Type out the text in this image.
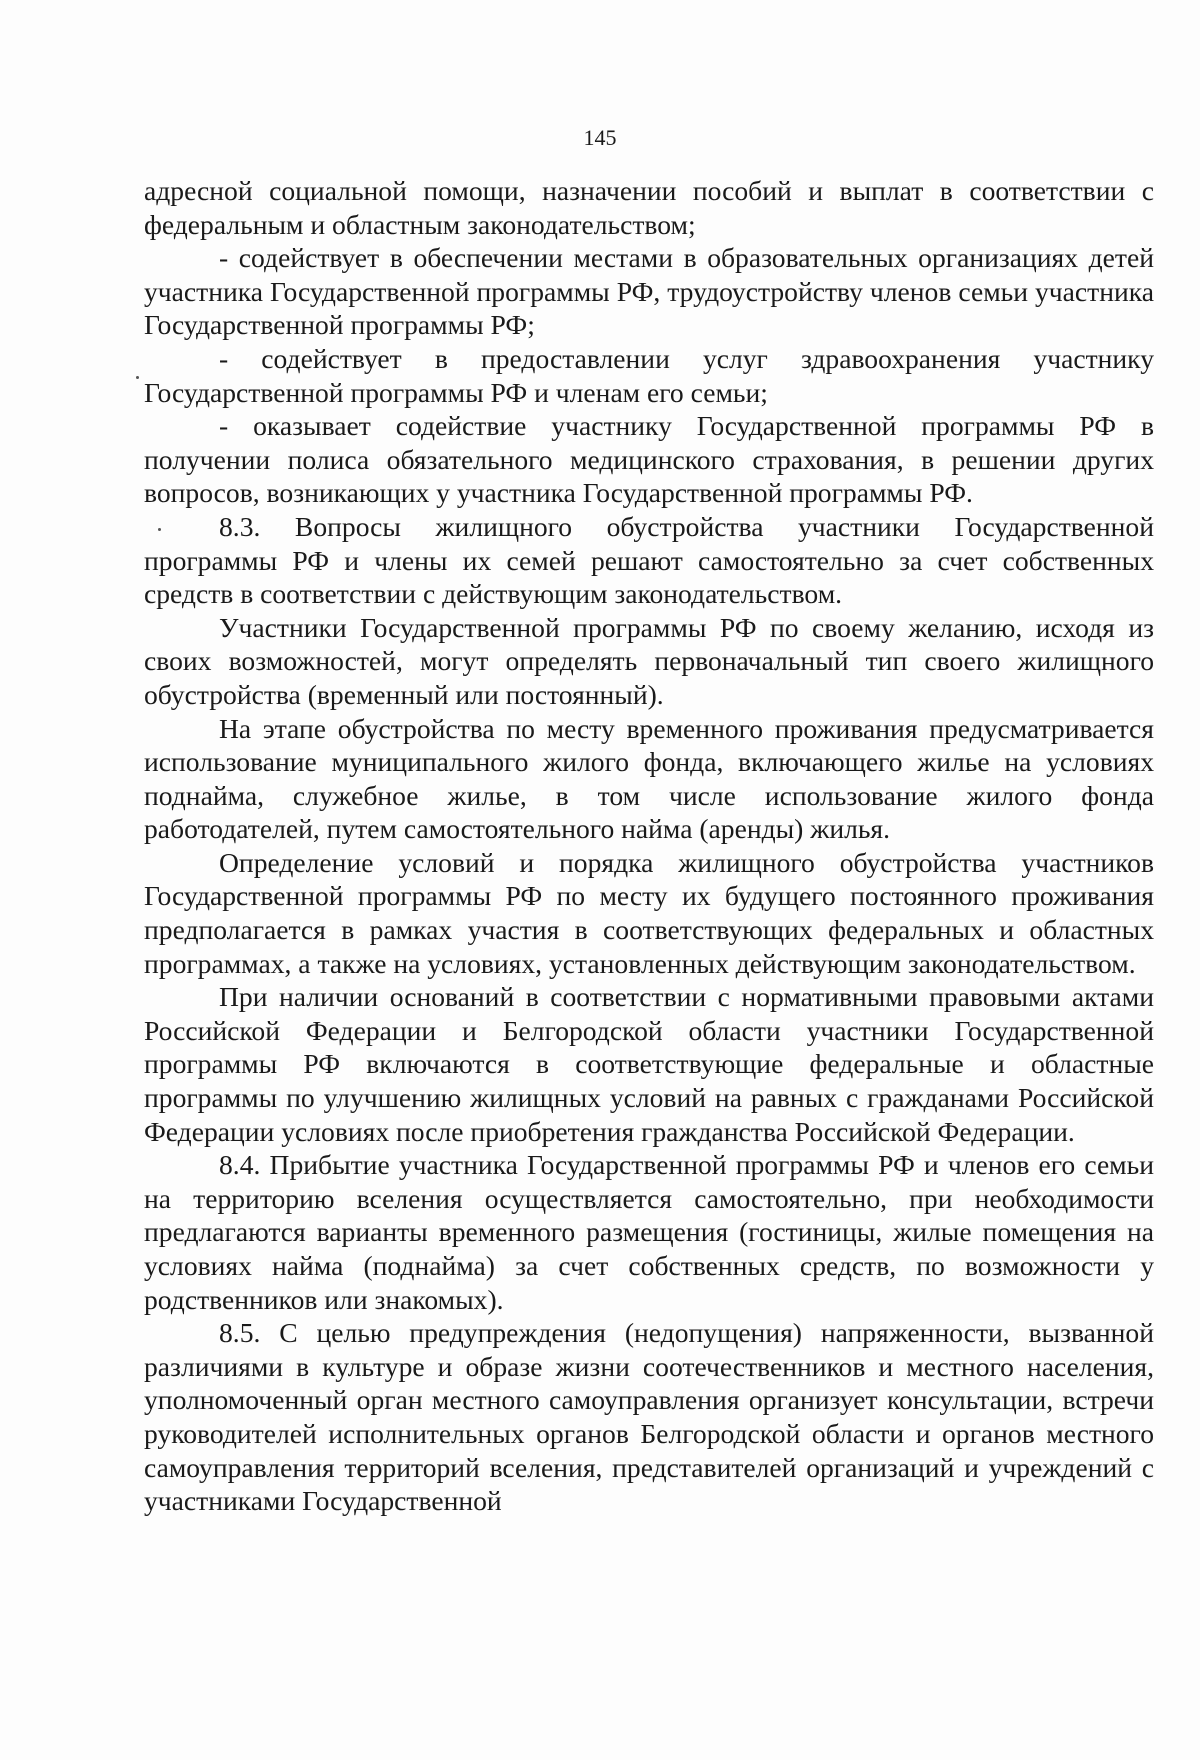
145

адресной социальной помощи, назначении пособий и выплат в соответствии с федеральным и областным законодательством;

- содействует в обеспечении местами в образовательных организациях детей участника Государственной программы РФ, трудоустройству членов семьи участника Государственной программы РФ;

- содействует в предоставлении услуг здравоохранения участнику Государственной программы РФ и членам его семьи;

- оказывает содействие участнику Государственной программы РФ в получении полиса обязательного медицинского страхования, в решении других вопросов, возникающих у участника Государственной программы РФ.

8.3. Вопросы жилищного обустройства участники Государственной программы РФ и члены их семей решают самостоятельно за счет собственных средств в соответствии с действующим законодательством.

Участники Государственной программы РФ по своему желанию, исходя из своих возможностей, могут определять первоначальный тип своего жилищного обустройства (временный или постоянный).

На этапе обустройства по месту временного проживания предусматривается использование муниципального жилого фонда, включающего жилье на условиях поднайма, служебное жилье, в том числе использование жилого фонда работодателей, путем самостоятельного найма (аренды) жилья.

Определение условий и порядка жилищного обустройства участников Государственной программы РФ по месту их будущего постоянного проживания предполагается в рамках участия в соответствующих федеральных и областных программах, а также на условиях, установленных действующим законодательством.

При наличии оснований в соответствии с нормативными правовыми актами Российской Федерации и Белгородской области участники Государственной программы РФ включаются в соответствующие федеральные и областные программы по улучшению жилищных условий на равных с гражданами Российской Федерации условиях после приобретения гражданства Российской Федерации.

8.4. Прибытие участника Государственной программы РФ и членов его семьи на территорию вселения осуществляется самостоятельно, при необходимости предлагаются варианты временного размещения (гостиницы, жилые помещения на условиях найма (поднайма) за счет собственных средств, по возможности у родственников или знакомых).

8.5. С целью предупреждения (недопущения) напряженности, вызванной различиями в культуре и образе жизни соотечественников и местного населения, уполномоченный орган местного самоуправления организует консультации, встречи руководителей исполнительных органов Белгородской области и органов местного самоуправления территорий вселения, представителей организаций и учреждений с участниками Государственной
